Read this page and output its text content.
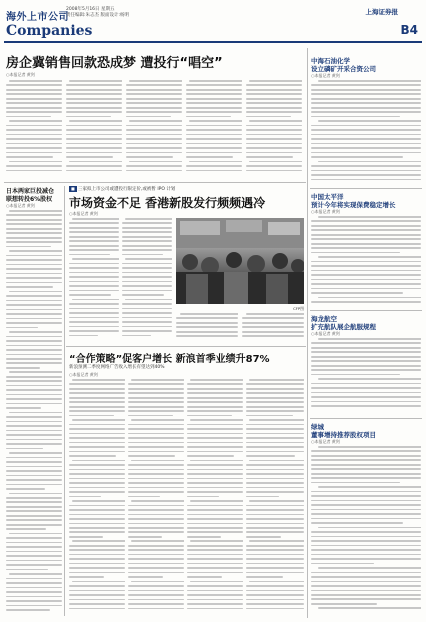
海外上市公司
Companies
2008年5月16日 星期五
责任编辑:朱志杰 版面设计:杨明	上海证券报
B4
房企冀销售回款恐成梦 遭投行“唱空”
○本报记者 黄剑
日本两家巨投减仓
联想转投6%股权
○本报记者 黄剑
■ 三家拟上市公司或遭投行限定价,或被暂 IPO 计划
市场资金不足 香港新股发行频频遇冷
○本报记者 黄剑
CFP图
“合作策略”促客户增长 新浪首季业绩升87%
新浪预测二季度网络广告收入增长有望达到40%
○本报记者 黄剑
中海石油化学
设立磷矿开采合资公司
○本报记者 黄剑
中国太平洋
预计今年将实现保费稳定增长
○本报记者 黄剑
海龙航空
扩充航队展企航服规程
○本报记者 黄剑
绿城
董事增持推荐股权项目
○本报记者 黄剑
